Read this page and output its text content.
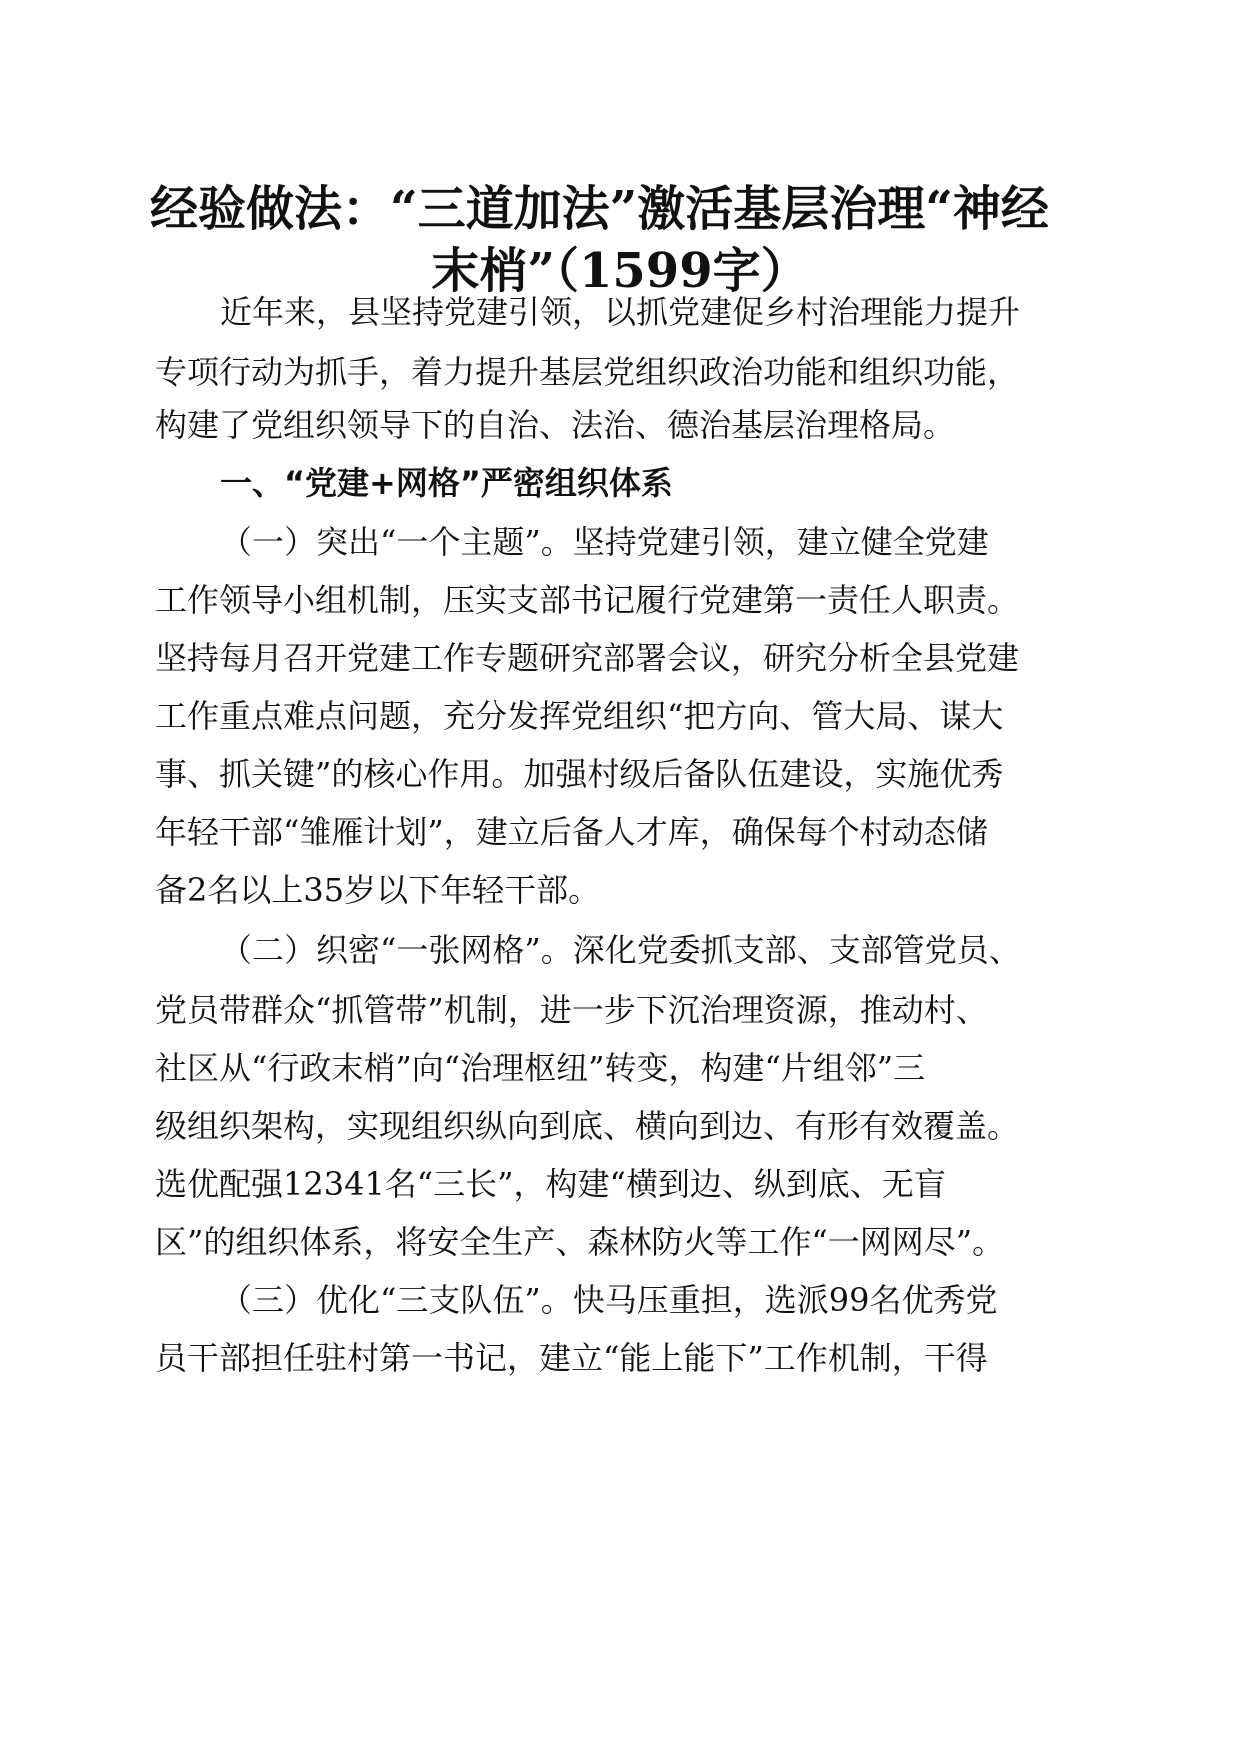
经验做法：“三道加法”激活基层治理“神经
末梢”（1599字）
近年来，县坚持党建引领，以抓党建促乡村治理能力提升
专项行动为抓手，着力提升基层党组织政治功能和组织功能，
构建了党组织领导下的自治、法治、德治基层治理格局。
一、“党建+网格”严密组织体系
（一）突出“一个主题”。坚持党建引领，建立健全党建
工作领导小组机制，压实支部书记履行党建第一责任人职责。
坚持每月召开党建工作专题研究部署会议，研究分析全县党建
工作重点难点问题，充分发挥党组织“把方向、管大局、谋大
事、抓关键”的核心作用。加强村级后备队伍建设，实施优秀
年轻干部“雏雁计划”，建立后备人才库，确保每个村动态储
备2名以上35岁以下年轻干部。
（二）织密“一张网格”。深化党委抓支部、支部管党员、
党员带群众“抓管带”机制，进一步下沉治理资源，推动村、
社区从“行政末梢”向“治理枢纽”转变，构建“片组邻”三
级组织架构，实现组织纵向到底、横向到边、有形有效覆盖。
选优配强12341名“三长”，构建“横到边、纵到底、无盲
区”的组织体系，将安全生产、森林防火等工作“一网网尽”。
（三）优化“三支队伍”。快马压重担，选派99名优秀党
员干部担任驻村第一书记，建立“能上能下”工作机制，干得
